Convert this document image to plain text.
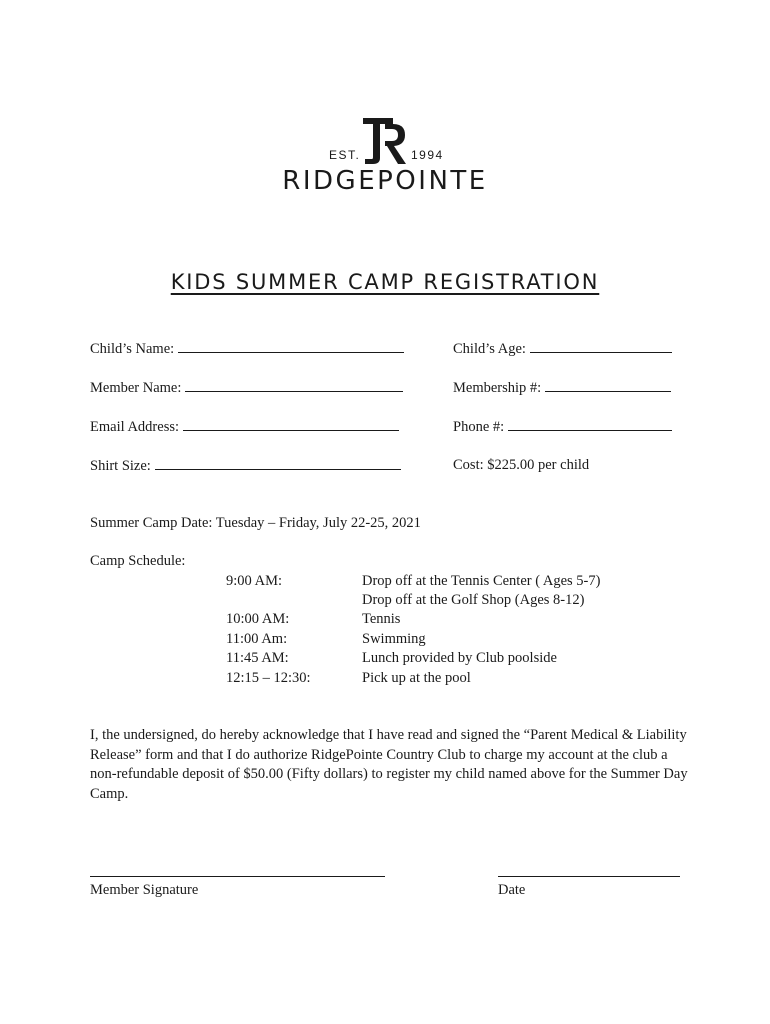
EST.	1994
RIDGEPOINTE
KIDS SUMMER CAMP REGISTRATION
Child’s Name:	Child’s Age:
Member Name:	Membership #:
Email Address:	Phone #:
Shirt Size:	Cost: $225.00 per child
Summer Camp Date: Tuesday – Friday, July 22-25, 2021
Camp Schedule:
9:00 AM:	Drop off at the Tennis Center ( Ages 5-7)
Drop off at the Golf Shop (Ages 8-12)
10:00 AM:	Tennis
11:00 Am:	Swimming
11:45 AM:	Lunch provided by Club poolside
12:15 – 12:30:	Pick up at the pool
I, the undersigned, do hereby acknowledge that I have read and signed the “Parent Medical & Liability Release” form and that I do authorize RidgePointe Country Club to charge my account at the club a non-refundable deposit of $50.00 (Fifty dollars) to register my child named above for the Summer Day Camp.
Member Signature	Date
